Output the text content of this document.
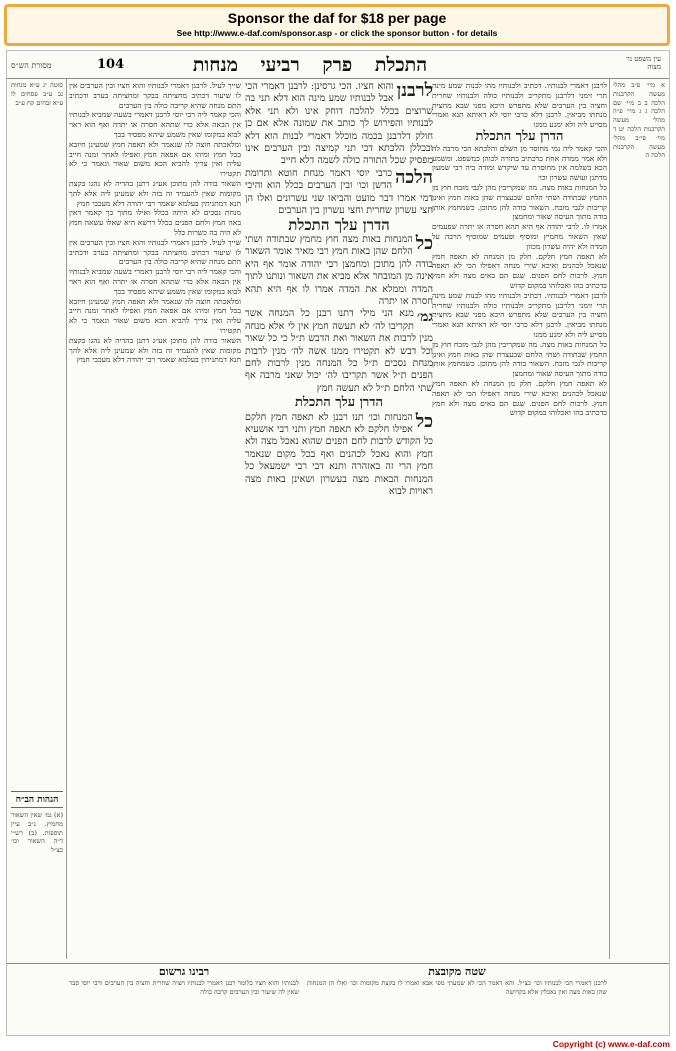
Sponsor the daf for $18 per page
See http://www.e-daf.com/sponsor.asp - or click the sponsor button - for details
עין משפט נר מצוה
104	התכלת פרק רביעי מנחות
מסורת הש״ס

א מיי׳ פ״ב מהל׳ מעשה הקרבנות הלכה ב ב מיי׳ שם הלכה ג ג מיי׳ פ״ה מהל׳ מעשה הקרבנות הלכה יט ד מיי׳ פי״ב מהל׳ מעשה הקרבנות הלכה ה

סוטה יג ע״א מנחות נב ע״ב פסחים לו ע״א זבחים קח ע״ב

הגהות הב״ח

(א) גמ׳ שאין השאור מחמיץ. נ״ב עיין תוספות. (ב) רש״י ד״ה השאור וכו׳ כצ״ל

לרבנן דאמרי לבנותיו. דכתיב ולבנותיו מהו לבנות שמע מינה תרי זימני דלרבנן מתקריב ולבנותיו כולה ולבנותיו שחרית וחציה בין הערבים שלא מתפרש היכא מפני שבא מחצית מנחתו מביאין. לרבנן דלא כרבי יוסי לא דאיתא תנא ואמרי מסייע ליה ולא ימנע ממנו

הדרן עלך התכלת

והכי קאמר ליה נמי מחוסר מן השלם והלכתא הכי מרבה לה ולא אמר ממדה אחת כדכתיב בתורה לכוהן כמשפט. ומשמע הכא בשלמה אין מחוסרת עד שיקדש ומודה ביה רבי שמעון מדתנן ועושה עשרון וכו׳

כל המנחות באות מצה. מה שמקריבין מהן לגבי מזבח חוץ מן החמץ שבתודה ושתי הלחם שבעצרת שהן באות חמץ ואינן קריבות לגבי מזבח. השאור בודה להן מתוכן. כשמחמץ אותן בודה מתוך העיסה שאור ומחמצן

אמרו לו. לרבי יהודה אף היא תהא חסרה או יתרה שפעמים שאין השאור מחמיץ ומוסיף ופעמים שמוסיף הרבה על המדה ולא יהיה עשרון מכוון

לא תאפה חמץ חלקם. חלק מן המנחה לא תאפה חמץ שנאכל לכהנים ואיכא שירי מנחה דאפילו הכי לא תאפה חמץ. לרבות לחם הפנים. שגם הם באים מצה ולא חמץ כדכתיב בהו ואכלוהו במקום קדוש

לרבנן דאמרי לבנותיו. דכתיב ולבנותיו מהו לבנות שמע מינה תרי זימני דלרבנן מתקריב ולבנותיו כולה ולבנותיו שחרית וחציה בין הערבים שלא מתפרש היכא מפני שבא מחצית מנחתו מביאין. לרבנן דלא כרבי יוסי לא דאיתא תנא ואמרי מסייע ליה ולא ימנע ממנו

כל המנחות באות מצה. מה שמקריבין מהן לגבי מזבח חוץ מן החמץ שבתודה ושתי הלחם שבעצרת שהן באות חמץ ואינן קריבות לגבי מזבח. השאור בודה להן מתוכן. כשמחמץ אותן בודה מתוך העיסה שאור ומחמצן

לא תאפה חמץ חלקם. חלק מן המנחה לא תאפה חמץ שנאכל לכהנים ואיכא שירי מנחה דאפילו הכי לא תאפה חמץ. לרבות לחם הפנים. שגם הם באים מצה ולא חמץ כדכתיב בהו ואכלוהו במקום קדוש

שייך לעיל. לרבנן דאמרי לבנותיו והוא חציו ובין הערבים אין לו שיעור דכתיב מחציתה בבקר ומחציתה בערב ודכתיב התם מנחה שהיא קריבה כולה בין הערבים

והכי קאמר ליה רבי יוסי לרבנן דאמרי בשעה שמביא לבנותיו אין הבאה אלא כדי שתהא חסרה או יתרה ואף הוא ראוי לבוא במקומו שאין משמע שיהא מפסיד בכך

ומלאכתה חוצה לה שנאמר ולא תאפה חמץ שמעינן חיובא בכל חמץ ומיהו אם אפאה חמץ ואפילו לאחר זמנה חייב עליה ואין צריך להביא הכא משום שאור ונאמר כי לא תקטירו

השאור בודה להן מתוכן אע״ג דתנן בהדיה לא נהגו בקצת מקומות שאין להעמיד זה בזה ולא שמעינן ליה אלא להך תנא דמתניתין בעלמא שאמר רבי יהודה דלא מעכבי חמץ

מנחת נסכים לא היתה בכלל ואילו מתוך כך קאמר דאין באה חמץ ולחם הפנים בכלל דרשא היא שאלו עשאה חמץ לא היה בה כשרות כלל

שייך לעיל. לרבנן דאמרי לבנותיו והוא חציו ובין הערבים אין לו שיעור דכתיב מחציתה בבקר ומחציתה בערב ודכתיב התם מנחה שהיא קריבה כולה בין הערבים

והכי קאמר ליה רבי יוסי לרבנן דאמרי בשעה שמביא לבנותיו אין הבאה אלא כדי שתהא חסרה או יתרה ואף הוא ראוי לבוא במקומו שאין משמע שיהא מפסיד בכך

ומלאכתה חוצה לה שנאמר ולא תאפה חמץ שמעינן חיובא בכל חמץ ומיהו אם אפאה חמץ ואפילו לאחר זמנה חייב עליה ואין צריך להביא הכא משום שאור ונאמר כי לא תקטירו

השאור בודה להן מתוכן אע״ג דתנן בהדיה לא נהגו בקצת מקומות שאין להעמיד זה בזה ולא שמעינן ליה אלא להך תנא דמתניתין בעלמא שאמר רבי יהודה דלא מעכבי חמץ

לרבנן

והוא חציו. הכי גרסינן: לרבנן דאמרי הכי אבל לבנותיו שמע מינה הוא דלא תני בה שרוצים בכלל להלכה דוחק אינו ולא תני אלא לבנותיו והפירוש לך כותב את שמונה אלא אם כן חולק דלרבנן בכמה מוכלל דאמרי לבנות הוא דלא ובכללן הלכתא דכי תני קמיצה ובין הערבים אינו מפסיק שכל התורה כולה לשמה דלא חייב

הלכה

כרבי יוסי דאמר מנחת חוטא ותרומת הדשן וכו׳ ובין הערבים בכלל הוא והיכי דמי אמרו דבר מועט והביאו שני עשרונים ואלו הן חצי עשרון שחרית וחצי עשרון בין הערבים

הדרן עלך התכלת
כל

המנחות באות מצה חוץ מחמץ שבתודה ושתי הלחם שהן באות חמץ רבי מאיר אומר השאור בודה להן מתוכן ומחמצן רבי יהודה אומר אף היא אינה מן המובחר אלא מביא את השאור ונותנו לתוך המדה וממלא את המדה אמרו לו אף היא תהא חסרה או יתרה

גמ׳

מנא הני מילי דתנו רבנן כל המנחה אשר תקריבו לה׳ לא תעשה חמץ אין לי אלא מנחה מנין לרבות את השאור ואת הדבש ת״ל כי כל שאור וכל דבש לא תקטירו ממנו אשה לה׳ מנין לרבות מנחת נסכים ת״ל כל המנחה מנין לרבות לחם הפנים ת״ל אשר תקריבו לה׳ יכול שאני מרבה אף שתי הלחם ת״ל לא תעשה חמץ

הדרן עלך התכלת
כל

המנחות וכו׳ תנו רבנן לא תאפה חמץ חלקם אפילו חלקם לא תאפה חמץ ותני רבי אושעיא כל הקודש לרבות לחם הפנים שהוא נאכל מצה ולא חמץ והוא נאכל לכהנים ואף בכל מקום שנאמר חמץ הרי זה באזהרה ותנא דבי רבי ישמעאל כל המנחות הבאות מצה בעשרון ושאינן באות מצה ראויות לבוא

שטה מקובצת

לרבנן דאמרי הכי לבנותיו וכו׳ כצ״ל. והא דאמר הכי לא שמעתי מפי אבא ואמרו לו בקצת מקומות וכו׳ ואלו הן המנחות שהן באות מצה ואין נאכלין אלא בקדושה

רבינו גרשום

לבנותיו והוא חציו כלומר רבנן דאמרי לבנותיו חציה שחרית וחציה בין הערבים ורבי יוסי סבר שאין לה שיעור ובין הערבים קרבה כולה

Copyright (c) www.e-daf.com
